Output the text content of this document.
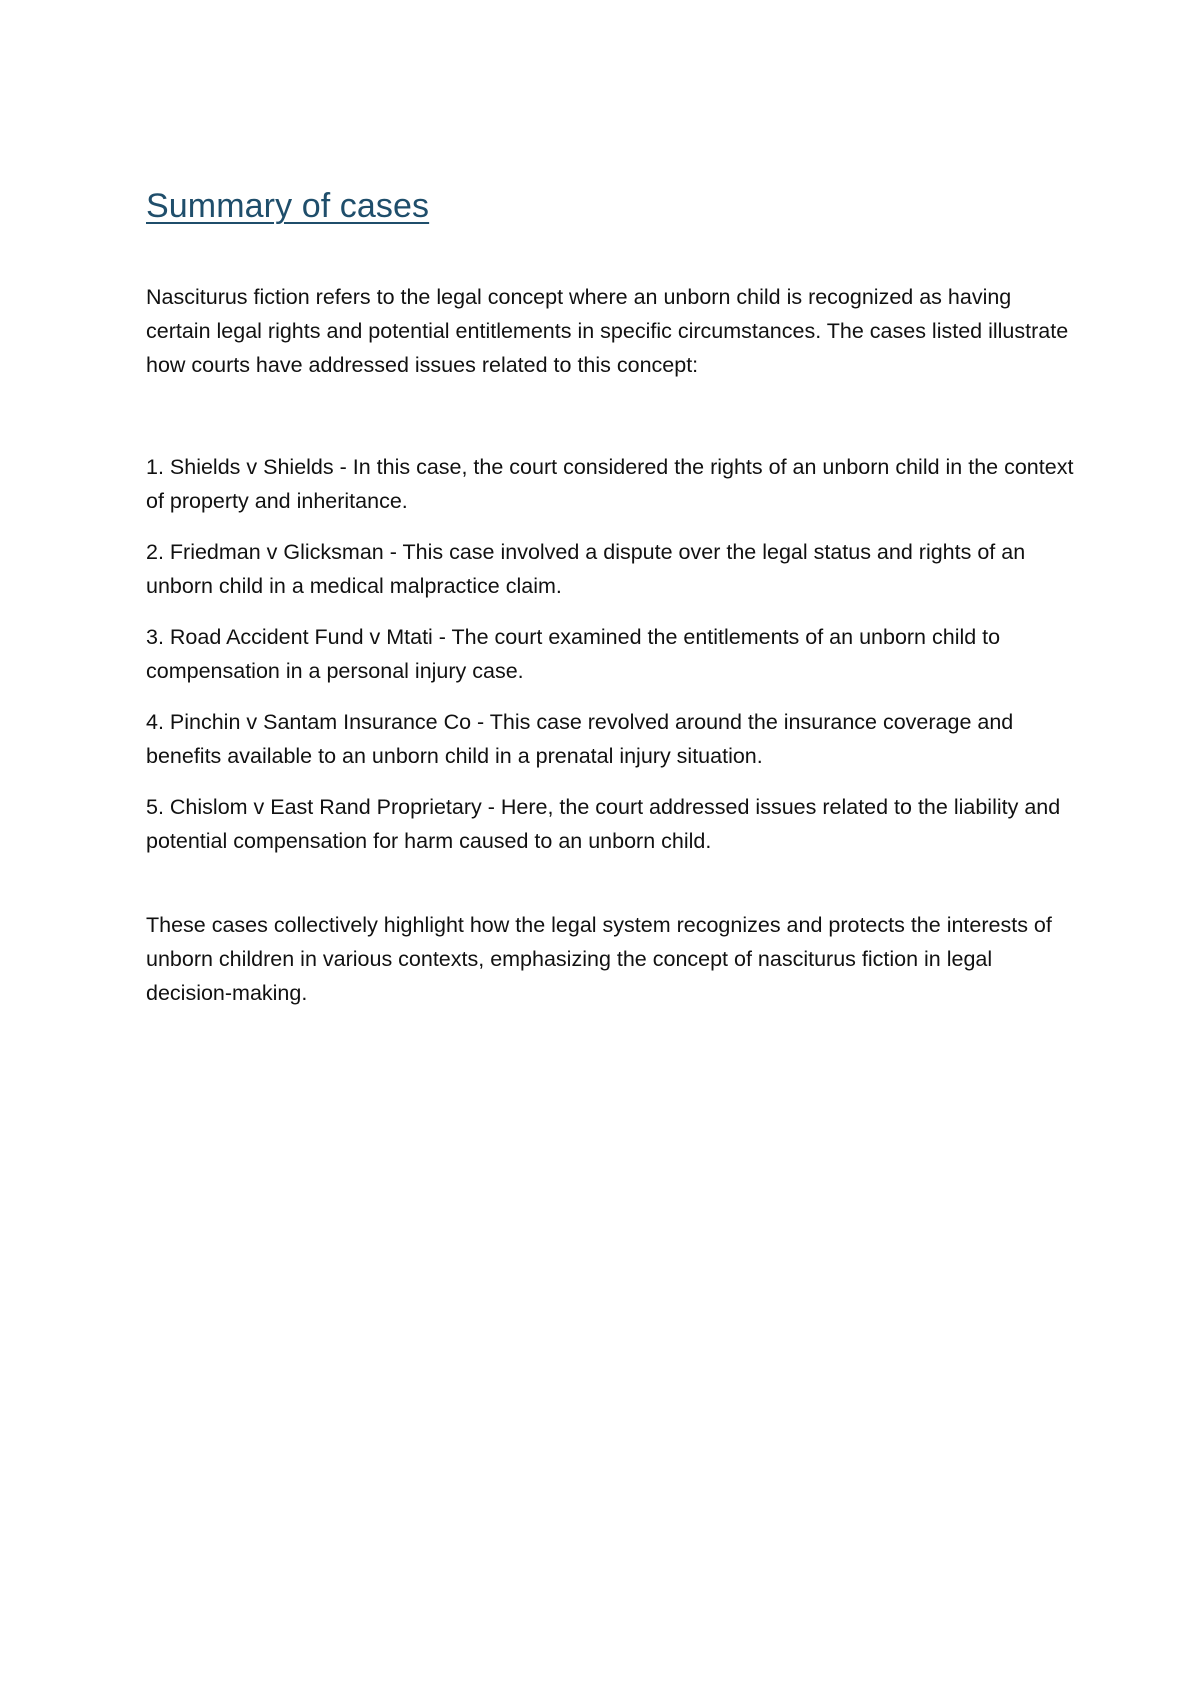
Summary of cases

Nasciturus fiction refers to the legal concept where an unborn child is recognized as having certain legal rights and potential entitlements in specific circumstances. The cases listed illustrate how courts have addressed issues related to this concept:

1. Shields v Shields - In this case, the court considered the rights of an unborn child in the context of property and inheritance.

2. Friedman v Glicksman - This case involved a dispute over the legal status and rights of an unborn child in a medical malpractice claim.

3. Road Accident Fund v Mtati - The court examined the entitlements of an unborn child to compensation in a personal injury case.

4. Pinchin v Santam Insurance Co - This case revolved around the insurance coverage and benefits available to an unborn child in a prenatal injury situation.

5. Chislom v East Rand Proprietary - Here, the court addressed issues related to the liability and potential compensation for harm caused to an unborn child.

These cases collectively highlight how the legal system recognizes and protects the interests of unborn children in various contexts, emphasizing the concept of nasciturus fiction in legal decision-making.
